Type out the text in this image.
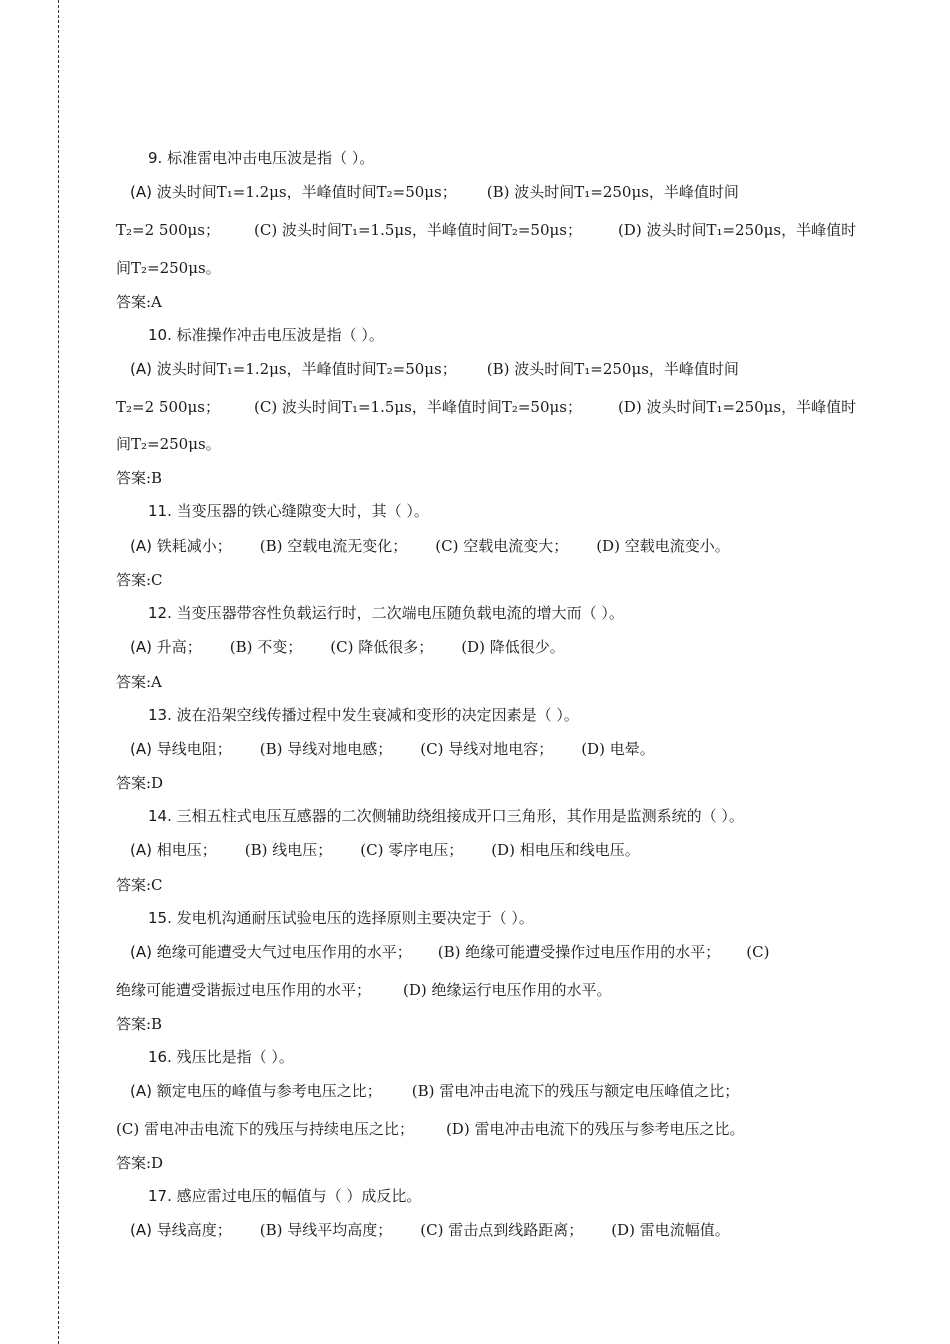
9. 标准雷电冲击电压波是指（ ）。
(A) 波头时间T₁=1.2μs，半峰值时间T₂=50μs； (B) 波头时间T₁=250μs，半峰值时间
T₂=2 500μs； (C) 波头时间T₁=1.5μs，半峰值时间T₂=50μs； (D) 波头时间T₁=250μs，半峰值时
间T₂=250μs。
答案:A
10. 标准操作冲击电压波是指（ ）。
(A) 波头时间T₁=1.2μs，半峰值时间T₂=50μs； (B) 波头时间T₁=250μs，半峰值时间
T₂=2 500μs； (C) 波头时间T₁=1.5μs，半峰值时间T₂=50μs； (D) 波头时间T₁=250μs，半峰值时
间T₂=250μs。
答案:B
11. 当变压器的铁心缝隙变大时，其（ ）。
(A) 铁耗减小； (B) 空载电流无变化； (C) 空载电流变大； (D) 空载电流变小。
答案:C
12. 当变压器带容性负载运行时，二次端电压随负载电流的增大而（ ）。
(A) 升高； (B) 不变； (C) 降低很多； (D) 降低很少。
答案:A
13. 波在沿架空线传播过程中发生衰减和变形的决定因素是（ ）。
(A) 导线电阻； (B) 导线对地电感； (C) 导线对地电容； (D) 电晕。
答案:D
14. 三相五柱式电压互感器的二次侧辅助绕组接成开口三角形，其作用是监测系统的（ ）。
(A) 相电压； (B) 线电压； (C) 零序电压； (D) 相电压和线电压。
答案:C
15. 发电机沟通耐压试验电压的选择原则主要决定于（ ）。
(A) 绝缘可能遭受大气过电压作用的水平； (B) 绝缘可能遭受操作过电压作用的水平； (C)
绝缘可能遭受谐振过电压作用的水平； (D) 绝缘运行电压作用的水平。
答案:B
16. 残压比是指（ ）。
(A) 额定电压的峰值与参考电压之比； (B) 雷电冲击电流下的残压与额定电压峰值之比；
(C) 雷电冲击电流下的残压与持续电压之比； (D) 雷电冲击电流下的残压与参考电压之比。
答案:D
17. 感应雷过电压的幅值与（ ）成反比。
(A) 导线高度； (B) 导线平均高度； (C) 雷击点到线路距离； (D) 雷电流幅值。
